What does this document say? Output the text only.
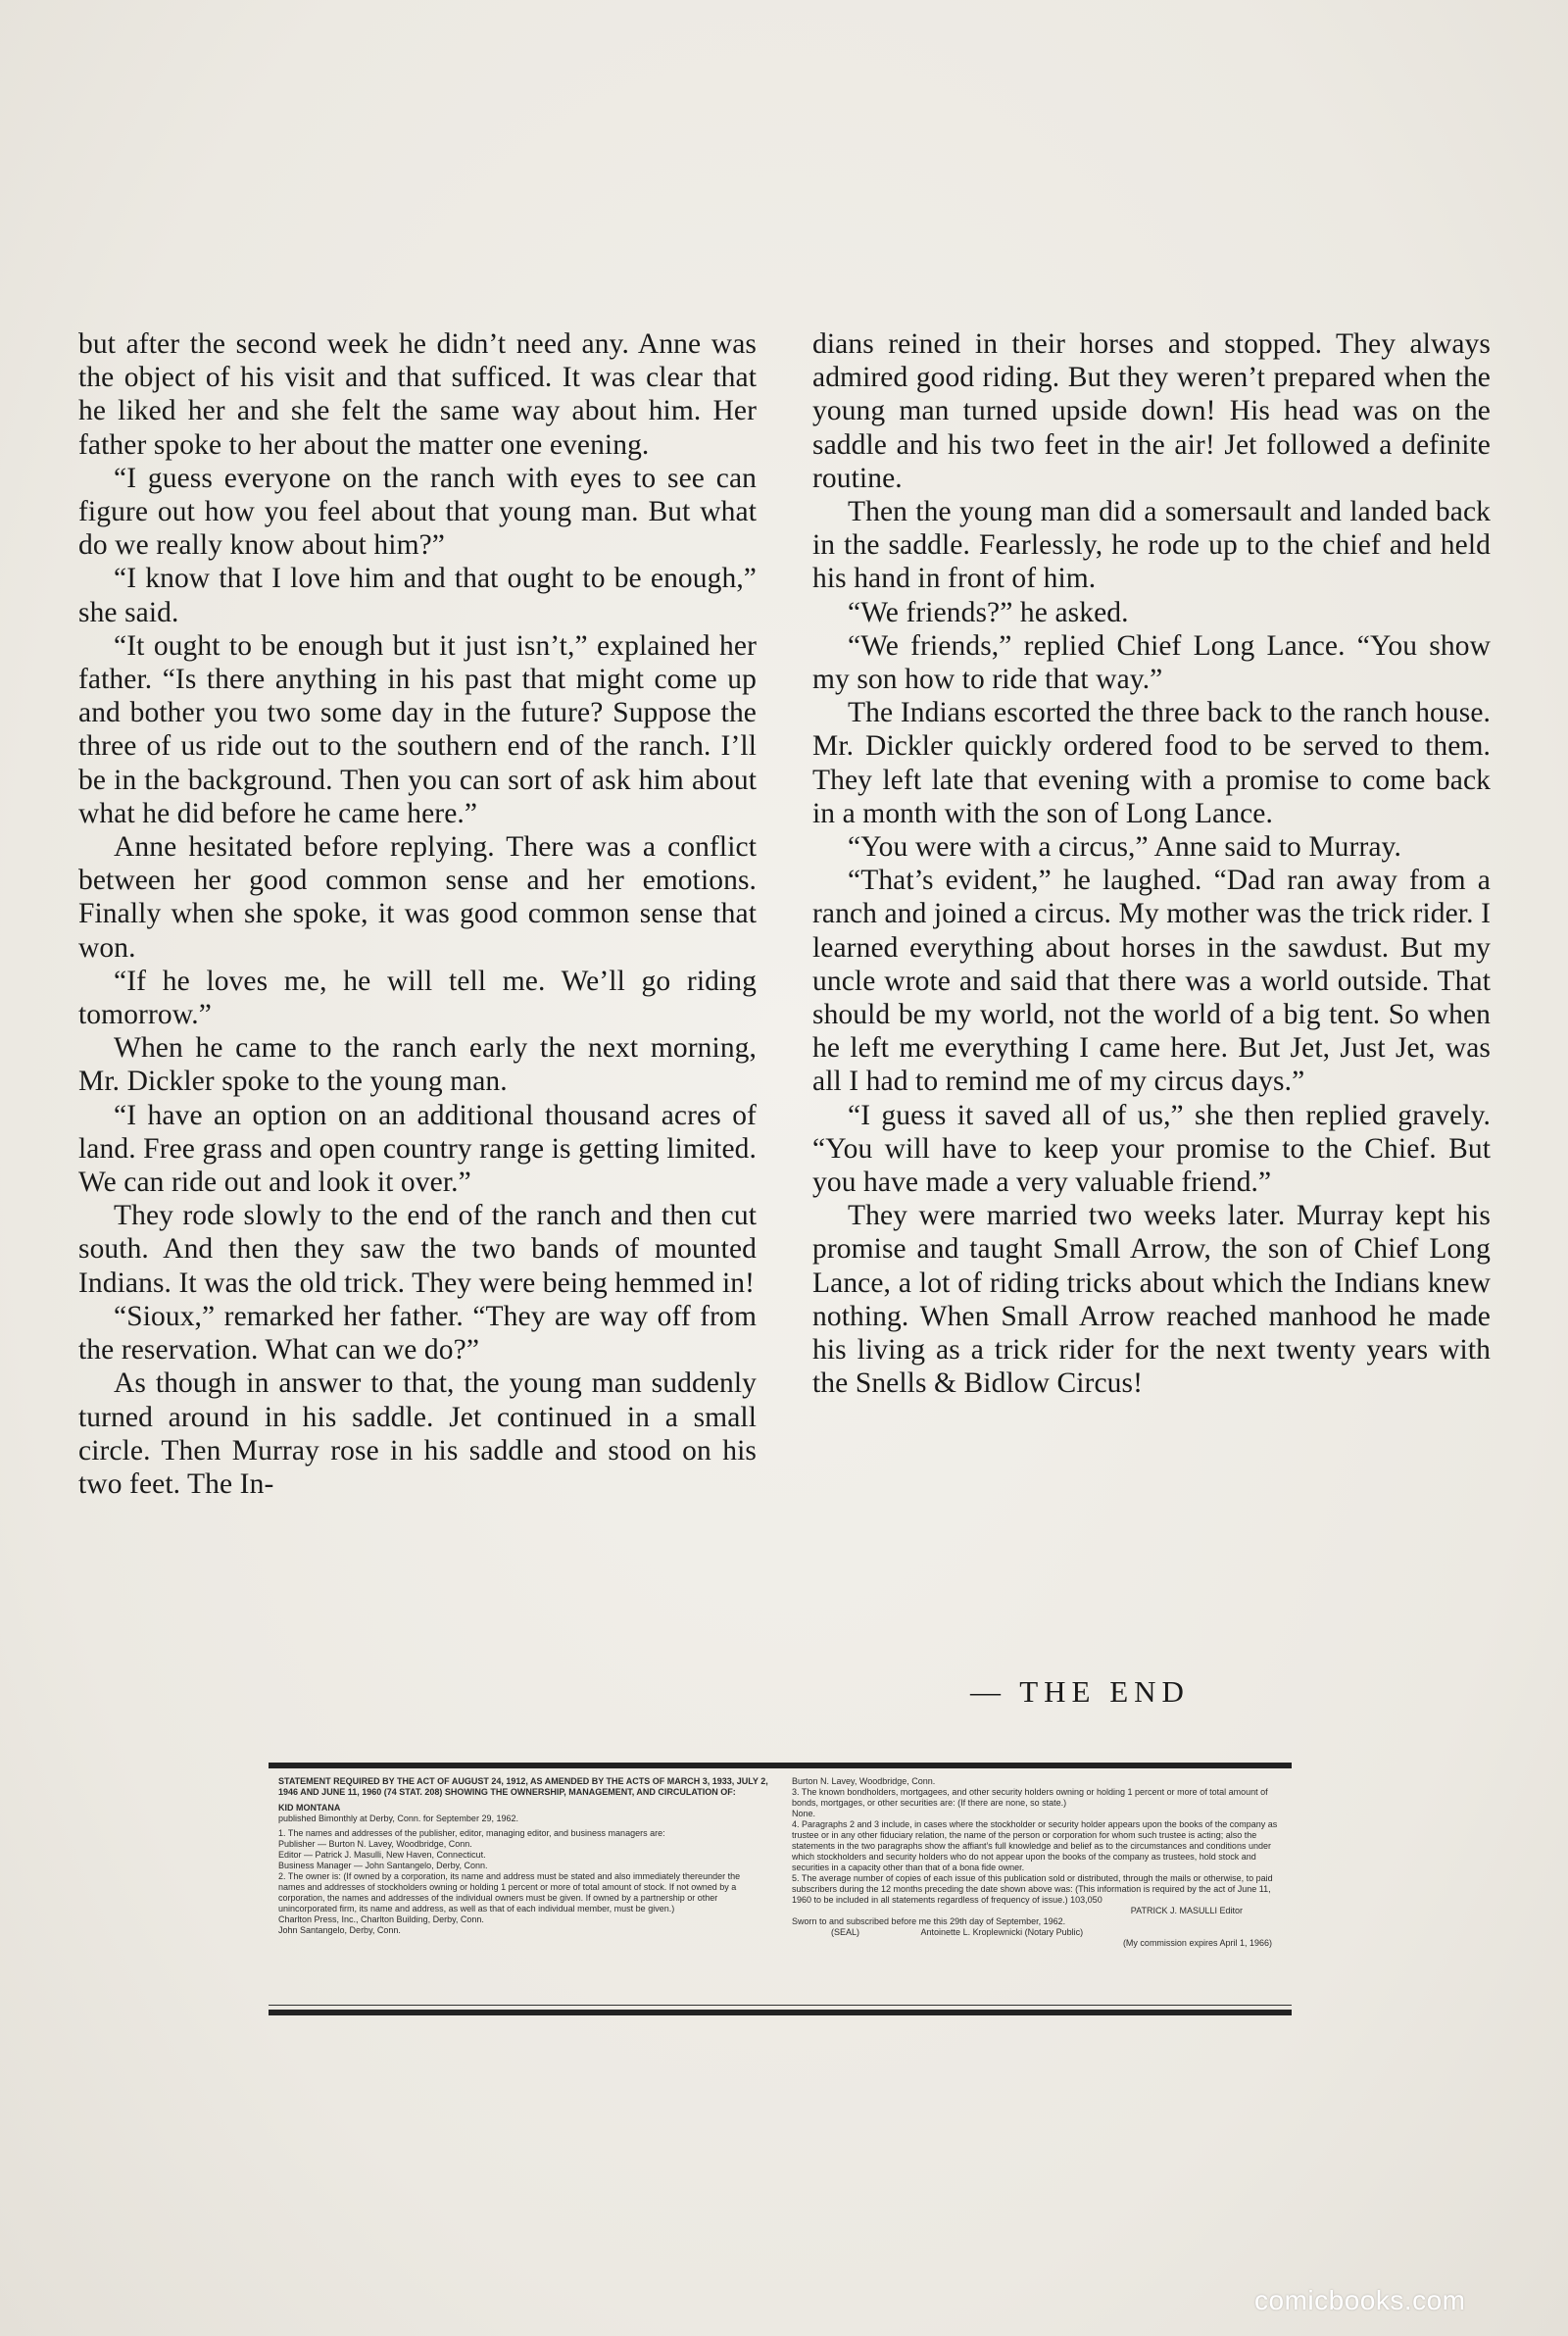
but after the second week he didn’t need any. Anne was the object of his visit and that sufficed. It was clear that he liked her and she felt the same way about him. Her father spoke to her about the matter one evening.

“I guess everyone on the ranch with eyes to see can figure out how you feel about that young man. But what do we really know about him?”

“I know that I love him and that ought to be enough,” she said.

“It ought to be enough but it just isn’t,” explained her father. “Is there anything in his past that might come up and bother you two some day in the future? Suppose the three of us ride out to the southern end of the ranch. I’ll be in the background. Then you can sort of ask him about what he did before he came here.”

Anne hesitated before replying. There was a conflict between her good common sense and her emotions. Finally when she spoke, it was good common sense that won.

“If he loves me, he will tell me. We’ll go riding tomorrow.”

When he came to the ranch early the next morning, Mr. Dickler spoke to the young man.

“I have an option on an additional thousand acres of land. Free grass and open country range is getting limited. We can ride out and look it over.”

They rode slowly to the end of the ranch and then cut south. And then they saw the two bands of mounted Indians. It was the old trick. They were being hemmed in!

“Sioux,” remarked her father. “They are way off from the reservation. What can we do?”

As though in answer to that, the young man suddenly turned around in his saddle. Jet continued in a small circle. Then Murray rose in his saddle and stood on his two feet. The In-

dians reined in their horses and stopped. They always admired good riding. But they weren’t prepared when the young man turned upside down! His head was on the saddle and his two feet in the air! Jet followed a definite routine.

Then the young man did a somersault and landed back in the saddle. Fearlessly, he rode up to the chief and held his hand in front of him.

“We friends?” he asked.

“We friends,” replied Chief Long Lance. “You show my son how to ride that way.”

The Indians escorted the three back to the ranch house. Mr. Dickler quickly ordered food to be served to them. They left late that evening with a promise to come back in a month with the son of Long Lance.

“You were with a circus,” Anne said to Murray.

“That’s evident,” he laughed. “Dad ran away from a ranch and joined a circus. My mother was the trick rider. I learned everything about horses in the sawdust. But my uncle wrote and said that there was a world outside. That should be my world, not the world of a big tent. So when he left me everything I came here. But Jet, Just Jet, was all I had to remind me of my circus days.”

“I guess it saved all of us,” she then replied gravely. “You will have to keep your promise to the Chief. But you have made a very valuable friend.”

They were married two weeks later. Murray kept his promise and taught Small Arrow, the son of Chief Long Lance, a lot of riding tricks about which the Indians knew nothing. When Small Arrow reached manhood he made his living as a trick rider for the next twenty years with the Snells & Bidlow Circus!

— THE END
STATEMENT REQUIRED BY THE ACT OF AUGUST 24, 1912, AS AMENDED BY THE ACTS OF MARCH 3, 1933, JULY 2, 1946 AND JUNE 11, 1960 (74 STAT. 208) SHOWING THE OWNERSHIP, MANAGEMENT, AND CIRCULATION OF:
KID MONTANA
published Bimonthly at Derby, Conn. for September 29, 1962.
1. The names and addresses of the publisher, editor, managing editor, and business managers are:
Publisher — Burton N. Lavey, Woodbridge, Conn.
Editor — Patrick J. Masulli, New Haven, Connecticut.
Business Manager — John Santangelo, Derby, Conn.
2. The owner is: (If owned by a corporation, its name and address must be stated and also immediately thereunder the names and addresses of stockholders owning or holding 1 percent or more of total amount of stock. If not owned by a corporation, the names and addresses of the individual owners must be given. If owned by a partnership or other unincorporated firm, its name and address, as well as that of each individual member, must be given.)
Charlton Press, Inc., Charlton Building, Derby, Conn.
John Santangelo, Derby, Conn.
Burton N. Lavey, Woodbridge, Conn.
3. The known bondholders, mortgagees, and other security holders owning or holding 1 percent or more of total amount of bonds, mortgages, or other securities are: (If there are none, so state.)
None.
4. Paragraphs 2 and 3 include, in cases where the stockholder or security holder appears upon the books of the company as trustee or in any other fiduciary relation, the name of the person or corporation for whom such trustee is acting; also the statements in the two paragraphs show the affiant’s full knowledge and belief as to the circumstances and conditions under which stockholders and security holders who do not appear upon the books of the company as trustees, hold stock and securities in a capacity other than that of a bona fide owner.
5. The average number of copies of each issue of this publication sold or distributed, through the mails or otherwise, to paid subscribers during the 12 months preceding the date shown above was: (This information is required by the act of June 11, 1960 to be included in all statements regardless of frequency of issue.) 103,050
PATRICK J. MASULLI Editor
Sworn to and subscribed before me this 29th day of September, 1962.
(SEAL)	Antoinette L. Kroplewnicki (Notary Public)
(My commission expires April 1, 1966)
comicbooks.com
